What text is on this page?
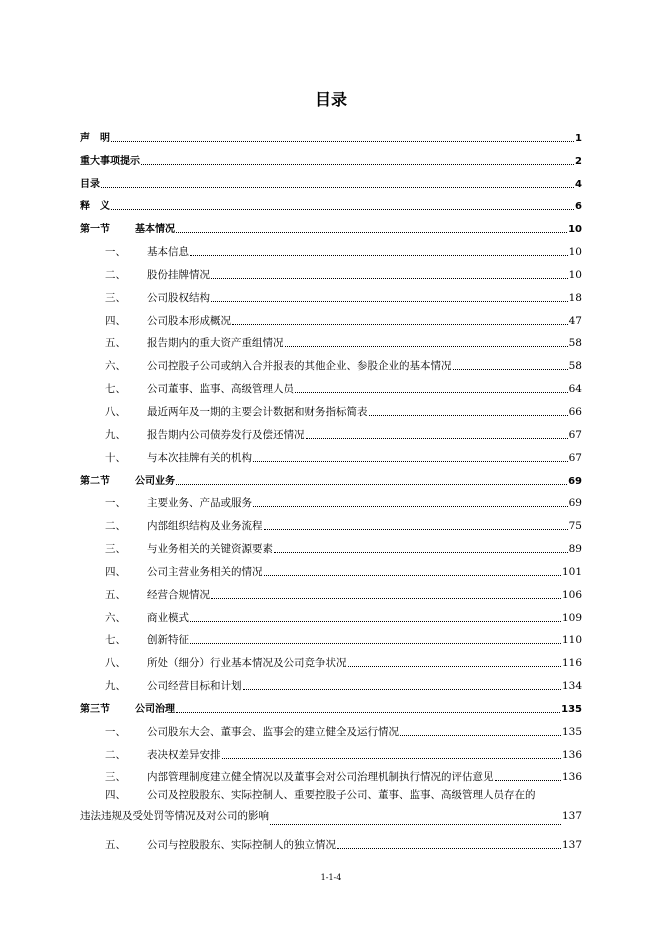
目录
声　明	1
重大事项提示	2
目录	4
释　义	6
第一节	基本情况	10
一、	基本信息	10
二、	股份挂牌情况	10
三、	公司股权结构	18
四、	公司股本形成概况	47
五、	报告期内的重大资产重组情况	58
六、	公司控股子公司或纳入合并报表的其他企业、参股企业的基本情况	58
七、	公司董事、监事、高级管理人员	64
八、	最近两年及一期的主要会计数据和财务指标简表	66
九、	报告期内公司债券发行及偿还情况	67
十、	与本次挂牌有关的机构	67
第二节	公司业务	69
一、	主要业务、产品或服务	69
二、	内部组织结构及业务流程	75
三、	与业务相关的关键资源要素	89
四、	公司主营业务相关的情况	101
五、	经营合规情况	106
六、	商业模式	109
七、	创新特征	110
八、	所处（细分）行业基本情况及公司竞争状况	116
九、	公司经营目标和计划	134
第三节	公司治理	135
一、	公司股东大会、董事会、监事会的建立健全及运行情况	135
二、	表决权差异安排	136
三、	内部管理制度建立健全情况以及董事会对公司治理机制执行情况的评估意见	136
四、	公司及控股股东、实际控制人、重要控股子公司、董事、监事、高级管理人员存在的
违法违规及受处罚等情况及对公司的影响	137
五、	公司与控股股东、实际控制人的独立情况	137
1-1-4
